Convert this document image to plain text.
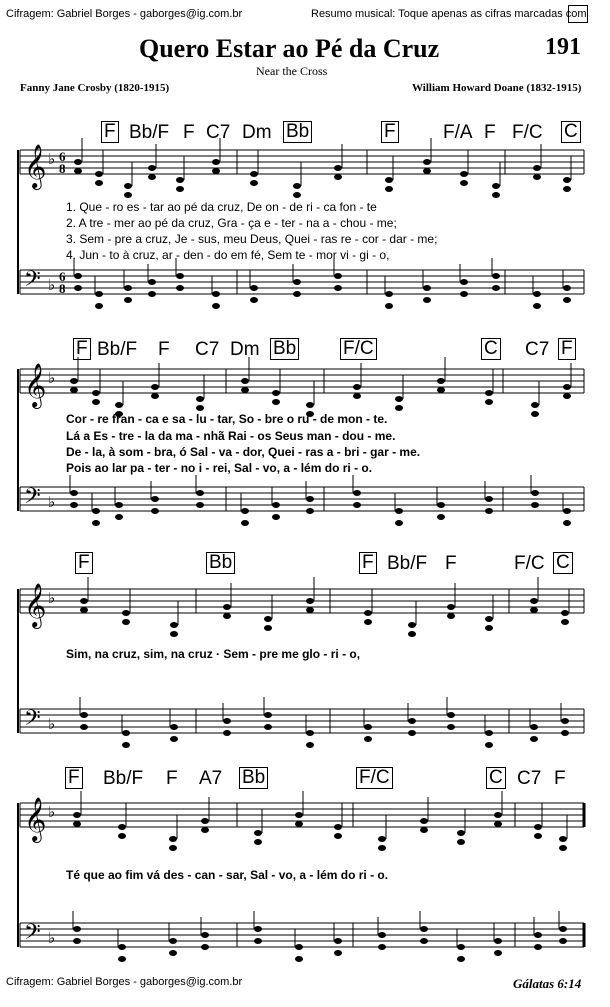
Cifragem: Gabriel Borges - gaborges@ig.com.br	Resumo musical: Toque apenas as cifras marcadas com
Quero Estar ao Pé da Cruz	191
Near the Cross
Fanny Jane Crosby (1820-1915)	William Howard Doane (1832-1915)
𝄞 ♭ 6
8
𝄢 ♭ 6
8
𝄞 ♭
𝄢 ♭
𝄞 ♭
𝄢 ♭
𝄞 ♭
𝄢 ♭
F Bb/F F C7 Dm Bb	F F/A F F/C C
1. Que - ro es - tar ao pé da cruz, De on - de ri - ca fon - te
2. A tre - mer ao pé da cruz, Gra - ça e - ter - na a - chou - me;
3. Sem - pre a cruz, Je - sus, meu Deus, Quei - ras re - cor - dar - me;
4. Jun - to à cruz, ar - den - do em fé, Sem te - mor vi - gi - o,
F Bb/F F C7 Dm Bb F/C	C C7 F
Cor - re fran - ca e sa - lu - tar, So - bre o ru - de mon - te.
Lá a Es - tre - la da ma - nhã Rai - os Seus man - dou - me.
De - la, à som - bra, ó Sal - va - dor, Quei - ras a - bri - gar - me.
Pois ao lar pa - ter - no i - rei, Sal - vo, a - lém do ri - o.
F	Bb	F Bb/F F	F/C C
Sim, na cruz, sim, na cruz · Sem - pre me glo - ri - o,
F Bb/F F A7 Bb	F/C	C C7 F
Té que ao fim vá des - can - sar, Sal - vo, a - lém do ri - o.
Cifragem: Gabriel Borges - gaborges@ig.com.br	Gálatas 6:14
